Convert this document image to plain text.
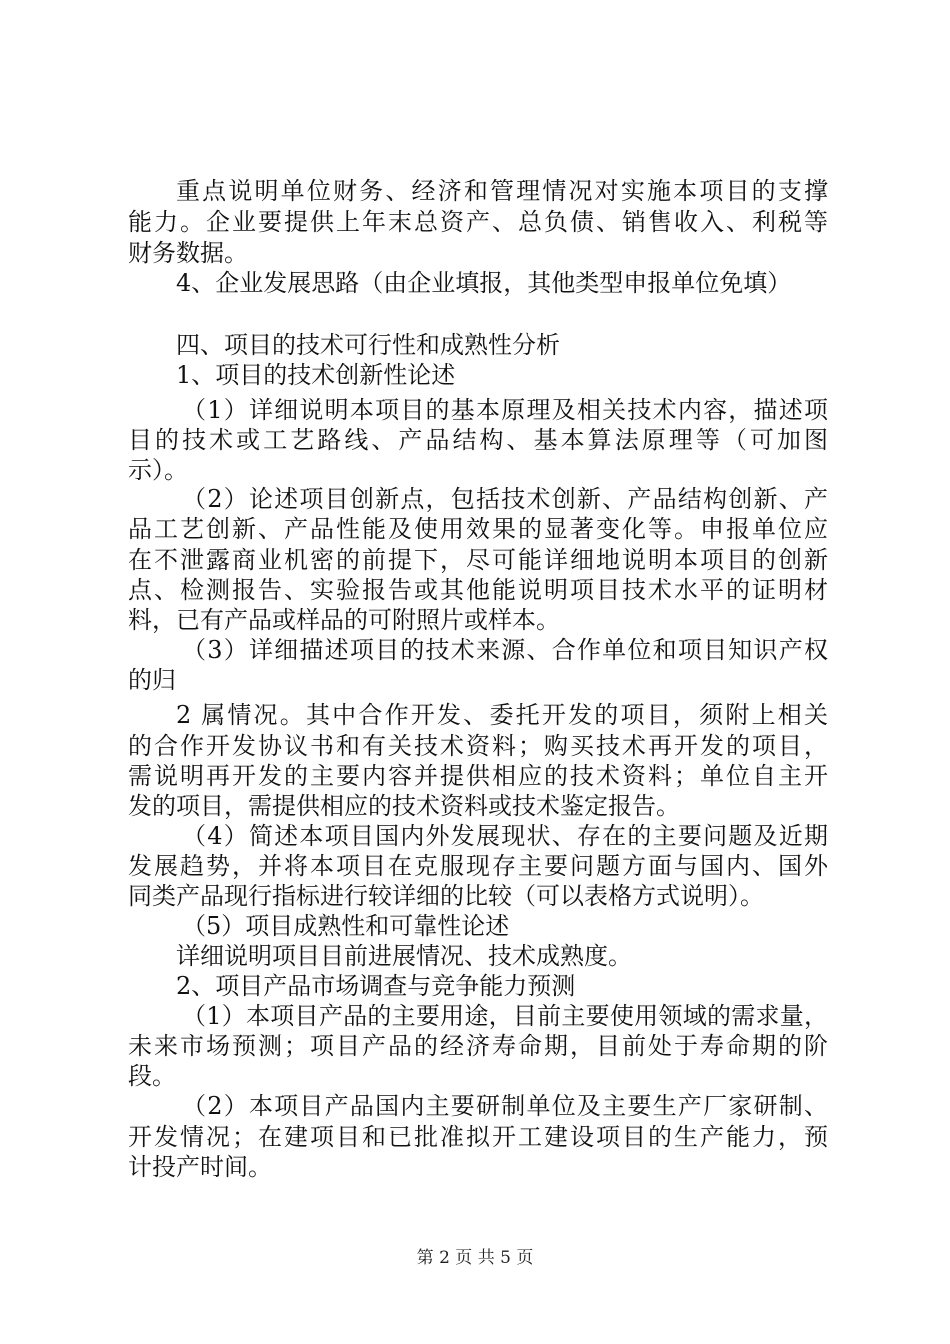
重点说明单位财务、经济和管理情况对实施本项目的支撑
能力。企业要提供上年末总资产、总负债、销售收入、利税等
财务数据。
4、企业发展思路（由企业填报，其他类型申报单位免填）
四、项目的技术可行性和成熟性分析
1、项目的技术创新性论述
（1）详细说明本项目的基本原理及相关技术内容，描述项
目的技术或工艺路线、产品结构、基本算法原理等（可加图
示）。
（2）论述项目创新点，包括技术创新、产品结构创新、产
品工艺创新、产品性能及使用效果的显著变化等。申报单位应
在不泄露商业机密的前提下，尽可能详细地说明本项目的创新
点、检测报告、实验报告或其他能说明项目技术水平的证明材
料，已有产品或样品的可附照片或样本。
（3）详细描述项目的技术来源、合作单位和项目知识产权
的归
2 属情况。其中合作开发、委托开发的项目，须附上相关
的合作开发协议书和有关技术资料；购买技术再开发的项目，
需说明再开发的主要内容并提供相应的技术资料；单位自主开
发的项目，需提供相应的技术资料或技术鉴定报告。
（4）简述本项目国内外发展现状、存在的主要问题及近期
发展趋势，并将本项目在克服现存主要问题方面与国内、国外
同类产品现行指标进行较详细的比较（可以表格方式说明）。
（5）项目成熟性和可靠性论述
详细说明项目目前进展情况、技术成熟度。
2、项目产品市场调查与竞争能力预测
（1）本项目产品的主要用途，目前主要使用领域的需求量，
未来市场预测；项目产品的经济寿命期，目前处于寿命期的阶
段。
（2）本项目产品国内主要研制单位及主要生产厂家研制、
开发情况；在建项目和已批准拟开工建设项目的生产能力，预
计投产时间。
第 2 页 共 5 页
